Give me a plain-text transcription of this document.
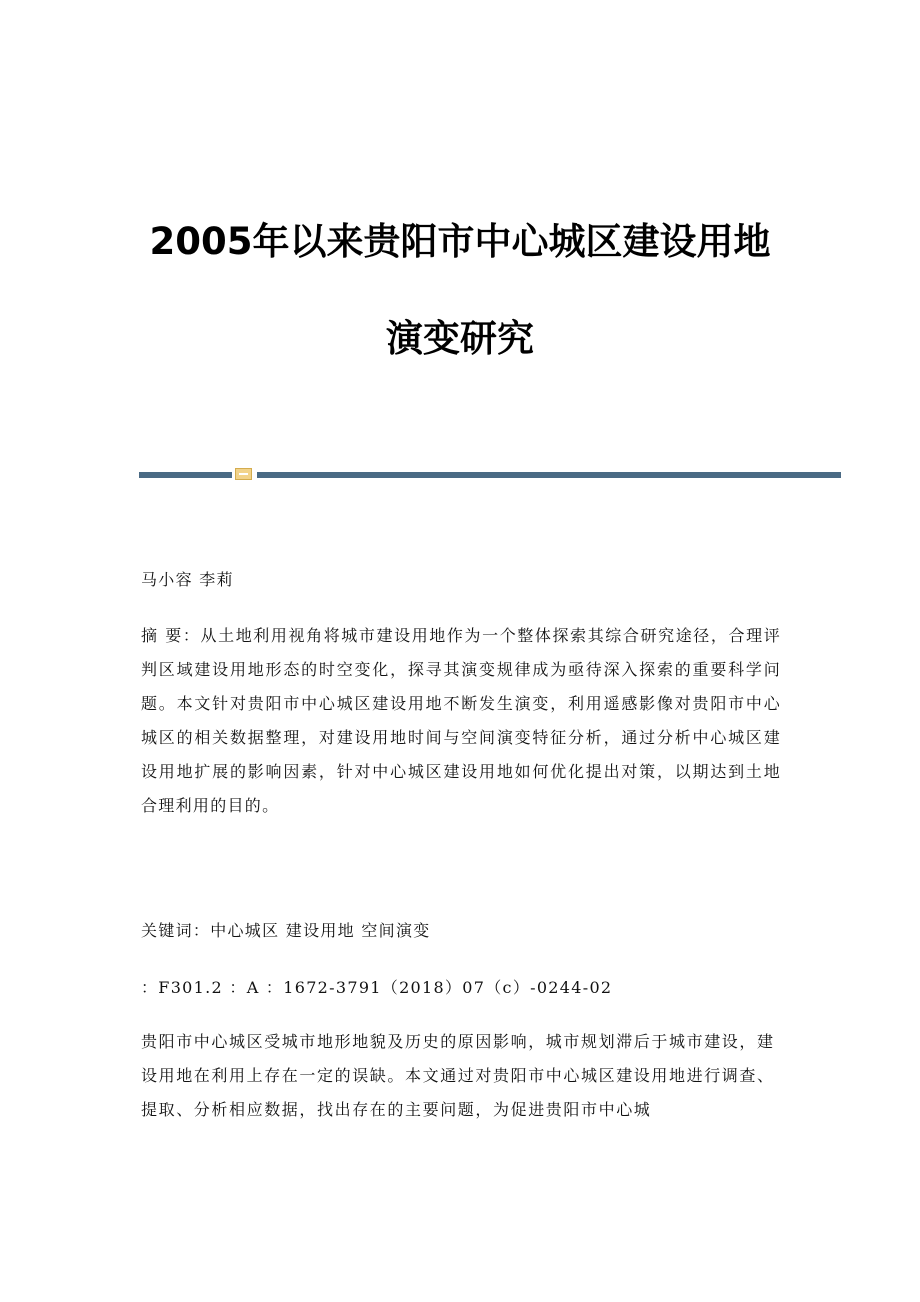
2005年以来贵阳市中心城区建设用地
演变研究

马小容 李莉

摘 要：从土地利用视角将城市建设用地作为一个整体探索其综合研究途径，合理评判区域建设用地形态的时空变化，探寻其演变规律成为亟待深入探索的重要科学问题。本文针对贵阳市中心城区建设用地不断发生演变，利用遥感影像对贵阳市中心城区的相关数据整理，对建设用地时间与空间演变特征分析，通过分析中心城区建设用地扩展的影响因素，针对中心城区建设用地如何优化提出对策，以期达到土地合理利用的目的。

关键词：中心城区 建设用地 空间演变

：F301.2 ：A ：1672-3791（2018）07（c）-0244-02

贵阳市中心城区受城市地形地貌及历史的原因影响，城市规划滞后于城市建设，建设用地在利用上存在一定的误缺。本文通过对贵阳市中心城区建设用地进行调查、提取、分析相应数据，找出存在的主要问题，为促进贵阳市中心城
